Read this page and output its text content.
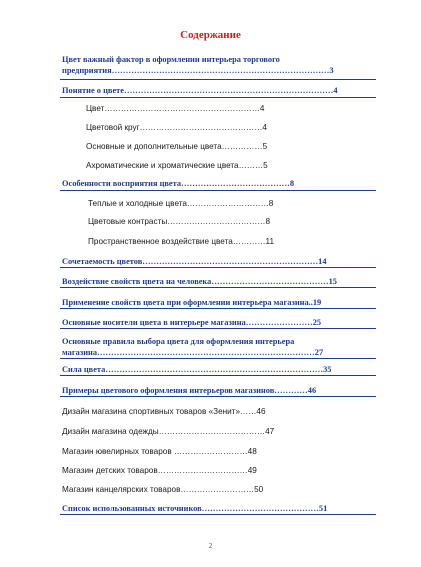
Содержание
Цвет важный фактор в оформлении интерьера торгового
предприятия……………………………………………………………………3
Понятие о цвете…………………………………………………………………4
Цвет…………………………………………………4
Цветовой круг………………………………………4
Основные и дополнительные цвета……………5
Ахроматические и хроматические цвета………5
Особенности восприятия цвета…………………………………8
Теплые и холодные цвета…………………………8
Цветовые контрасты………………………………8
Пространственное воздействие цвета…………11
Сочетаемость цветов………………………………………………………14
Воздействие свойств цвета на человека……………………………………15
Применение свойств цвета при оформлении интерьера магазина..19
Основные носители цвета в интерьере магазина……………………25
Основные правила выбора цвета для оформления интерьера
магазина……………………………………………………………………27
Сила цвета……………………………………………………………………35
Примеры цветового оформления интерьеров магазинов…………46
Дизайн магазина спортивных товаров «Зенит»……46
Дизайн магазина одежды…………………………………47
Магазин ювелирных товаров ………………………48
Магазин детских товаров……………………………49
Магазин канцелярских товаров………………………50
Список использованных источников……………………………………51
2
